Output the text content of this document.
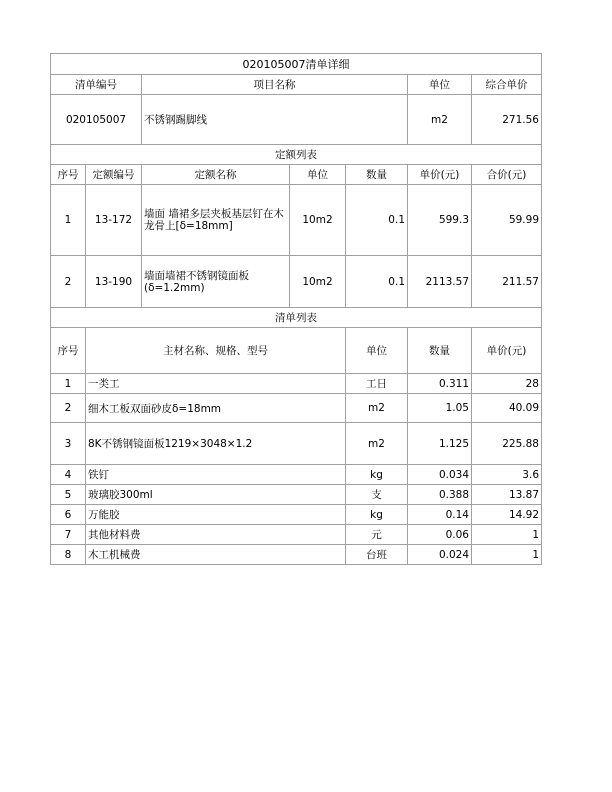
020105007清单详细							
清单编号		项目名称			单位	综合单价	
020105007		不锈钢踢脚线			m2	271.56	
定额列表							
序号	定额编号	定额名称	单位	数量	单价(元)	合价(元)	
1	13-172	墙面 墙裙多层夹板基层钉在木龙骨上[δ=18mm]	10m2	0.1	599.3	59.99	
2	13-190	墙面墙裙不锈钢镜面板(δ=1.2mm)	10m2	0.1	2113.57	211.57	
清单列表							
序号	主材名称、规格、型号			单位	数量	单价(元)	
1	一类工			工日	0.311	28	
2	细木工板双面砂皮δ=18mm			m2	1.05	40.09	
3	8K不锈钢镜面板1219×3048×1.2			m2	1.125	225.88	
4	铁钉			kg	0.034	3.6	
5	玻璃胶300ml			支	0.388	13.87	
6	万能胶			kg	0.14	14.92	
7	其他材料费			元	0.06	1	
8	木工机械费			台班	0.024	1	
